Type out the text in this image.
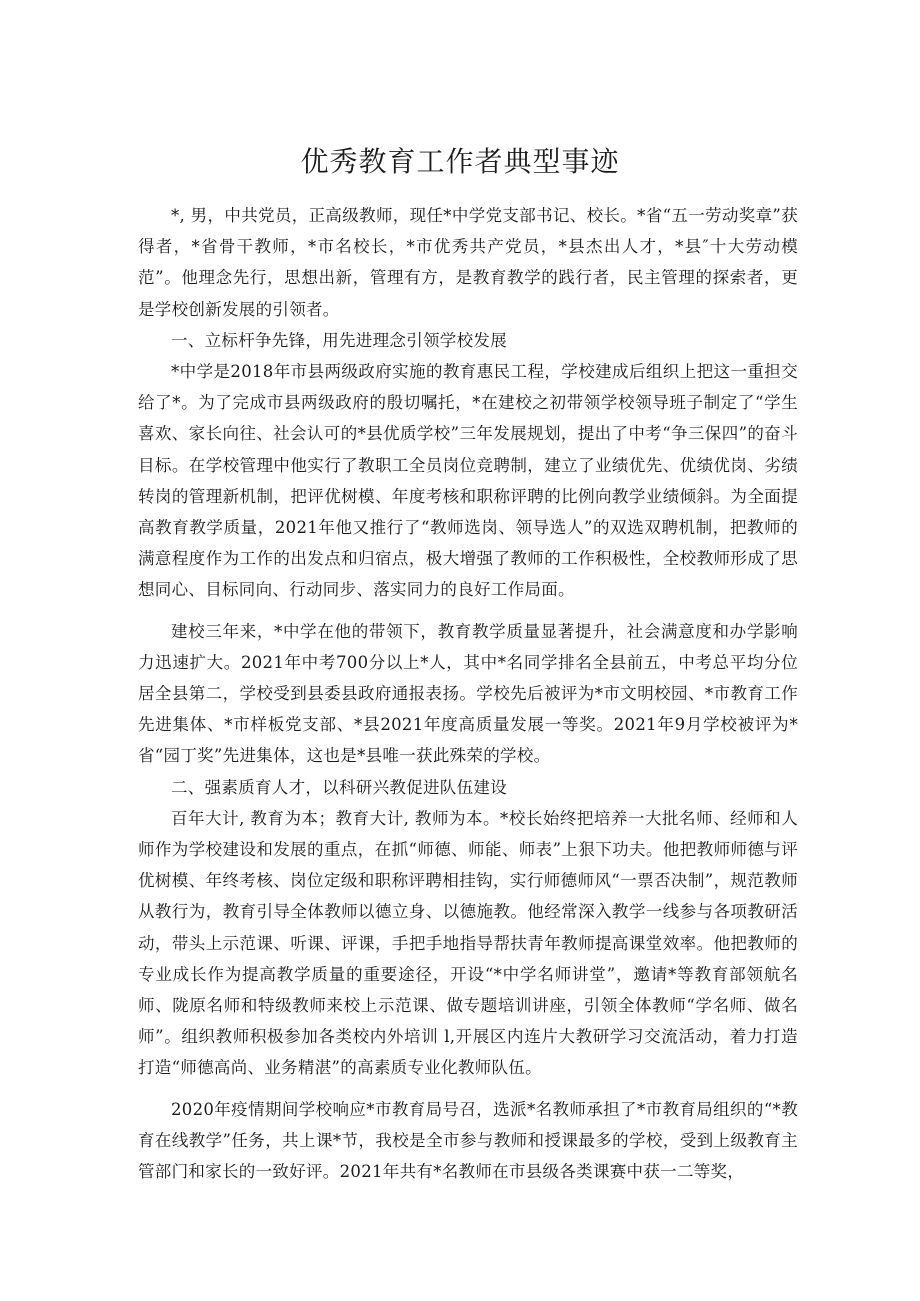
优秀教育工作者典型事迹

*, 男，中共党员，正高级教师，现任*中学党支部书记、校长。*省“五一劳动奖章”获得者，*省骨干教师，*市名校长，*市优秀共产党员，*县杰出人才，*县″十大劳动模范”。他理念先行，思想出新，管理有方，是教育教学的践行者，民主管理的探索者，更是学校创新发展的引领者。

一、立标杆争先锋，用先进理念引领学校发展

*中学是2018年市县两级政府实施的教育惠民工程，学校建成后组织上把这一重担交给了*。为了完成市县两级政府的殷切嘱托，*在建校之初带领学校领导班子制定了“学生喜欢、家长向往、社会认可的*县优质学校”三年发展规划，提出了中考“争三保四”的奋斗目标。在学校管理中他实行了教职工全员岗位竞聘制，建立了业绩优先、优绩优岗、劣绩转岗的管理新机制，把评优树模、年度考核和职称评聘的比例向教学业绩倾斜。为全面提高教育教学质量，2021年他又推行了“教师选岗、领导选人”的双选双聘机制，把教师的满意程度作为工作的出发点和归宿点，极大增强了教师的工作积极性，全校教师形成了思想同心、目标同向、行动同步、落实同力的良好工作局面。

建校三年来，*中学在他的带领下，教育教学质量显著提升，社会满意度和办学影响力迅速扩大。2021年中考700分以上*人，其中*名同学排名全县前五，中考总平均分位居全县第二，学校受到县委县政府通报表扬。学校先后被评为*市文明校园、*市教育工作先进集体、*市样板党支部、*县2021年度高质量发展一等奖。2021年9月学校被评为*省“园丁奖”先进集体，这也是*县唯一获此殊荣的学校。

二、强素质育人才，以科研兴教促进队伍建设

百年大计, 教育为本；教育大计, 教师为本。*校长始终把培养一大批名师、经师和人师作为学校建设和发展的重点，在抓“师德、师能、师表”上狠下功夫。他把教师师德与评优树模、年终考核、岗位定级和职称评聘相挂钩，实行师德师风“一票否决制”，规范教师从教行为，教育引导全体教师以德立身、以德施教。他经常深入教学一线参与各项教研活动，带头上示范课、听课、评课，手把手地指导帮扶青年教师提高课堂效率。他把教师的专业成长作为提高教学质量的重要途径，开设“*中学名师讲堂”，邀请*等教育部领航名师、陇原名师和特级教师来校上示范课、做专题培训讲座，引领全体教师“学名师、做名师”。组织教师积极参加各类校内外培训 l,开展区内连片大教研学习交流活动，着力打造打造“师德高尚、业务精湛”的高素质专业化教师队伍。

2020年疫情期间学校响应*市教育局号召，选派*名教师承担了*市教育局组织的“*教育在线教学”任务，共上课*节，我校是全市参与教师和授课最多的学校，受到上级教育主管部门和家长的一致好评。2021年共有*名教师在市县级各类课赛中获一二等奖，
